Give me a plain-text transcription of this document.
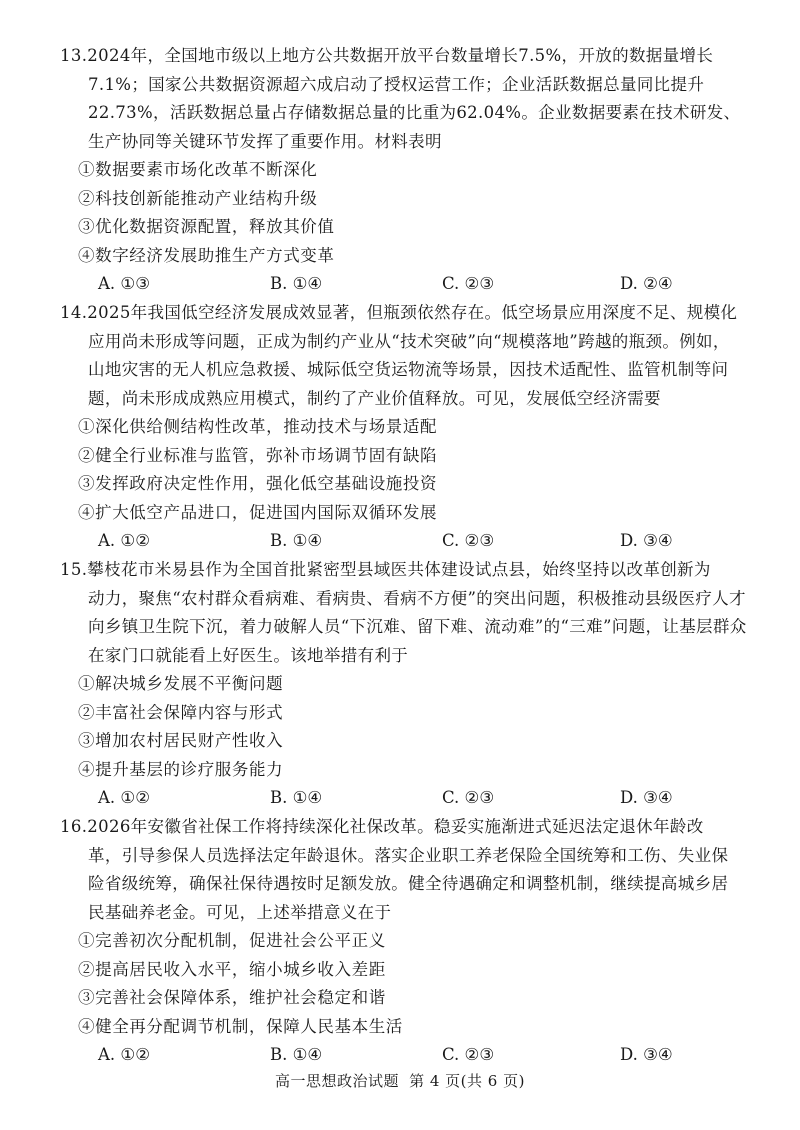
13.2024年，全国地市级以上地方公共数据开放平台数量增长7.5%，开放的数据量增长
7.1%；国家公共数据资源超六成启动了授权运营工作；企业活跃数据总量同比提升
22.73%，活跃数据总量占存储数据总量的比重为62.04%。企业数据要素在技术研发、
生产协同等关键环节发挥了重要作用。材料表明
①数据要素市场化改革不断深化
②科技创新能推动产业结构升级
③优化数据资源配置，释放其价值
④数字经济发展助推生产方式变革
A. ①③	B. ①④	C. ②③	D. ②④
14.2025年我国低空经济发展成效显著，但瓶颈依然存在。低空场景应用深度不足、规模化
应用尚未形成等问题，正成为制约产业从“技术突破”向“规模落地”跨越的瓶颈。例如，
山地灾害的无人机应急救援、城际低空货运物流等场景，因技术适配性、监管机制等问
题，尚未形成成熟应用模式，制约了产业价值释放。可见，发展低空经济需要
①深化供给侧结构性改革，推动技术与场景适配
②健全行业标准与监管，弥补市场调节固有缺陷
③发挥政府决定性作用，强化低空基础设施投资
④扩大低空产品进口，促进国内国际双循环发展
A. ①②	B. ①④	C. ②③	D. ③④
15.攀枝花市米易县作为全国首批紧密型县域医共体建设试点县，始终坚持以改革创新为
动力，聚焦“农村群众看病难、看病贵、看病不方便”的突出问题，积极推动县级医疗人才
向乡镇卫生院下沉，着力破解人员“下沉难、留下难、流动难”的“三难”问题，让基层群众
在家门口就能看上好医生。该地举措有利于
①解决城乡发展不平衡问题
②丰富社会保障内容与形式
③增加农村居民财产性收入
④提升基层的诊疗服务能力
A. ①②	B. ①④	C. ②③	D. ③④
16.2026年安徽省社保工作将持续深化社保改革。稳妥实施渐进式延迟法定退休年龄改
革，引导参保人员选择法定年龄退休。落实企业职工养老保险全国统筹和工伤、失业保
险省级统筹，确保社保待遇按时足额发放。健全待遇确定和调整机制，继续提高城乡居
民基础养老金。可见，上述举措意义在于
①完善初次分配机制，促进社会公平正义
②提高居民收入水平，缩小城乡收入差距
③完善社会保障体系，维护社会稳定和谐
④健全再分配调节机制，保障人民基本生活
A. ①②	B. ①④	C. ②③	D. ③④
高一思想政治试题 第 4 页(共 6 页)
